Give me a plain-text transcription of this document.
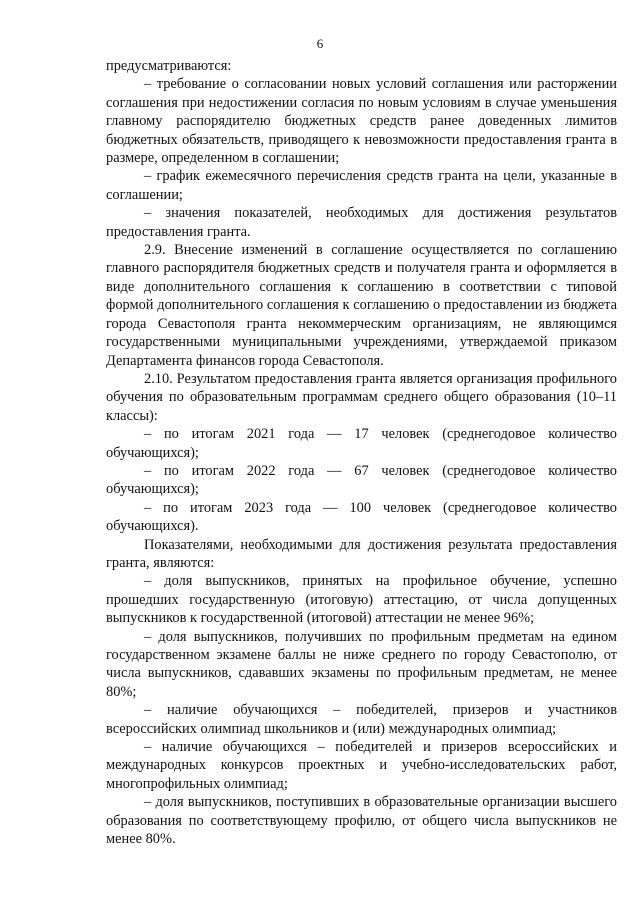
6

предусматриваются:

– требование о согласовании новых условий соглашения или расторжении соглашения при недостижении согласия по новым условиям в случае уменьшения главному распорядителю бюджетных средств ранее доведенных лимитов бюджетных обязательств, приводящего к невозможности предоставления гранта в размере, определенном в соглашении;

– график ежемесячного перечисления средств гранта на цели, указанные в соглашении;

– значения показателей, необходимых для достижения результатов предоставления гранта.

2.9. Внесение изменений в соглашение осуществляется по соглашению главного распорядителя бюджетных средств и получателя гранта и оформляется в виде дополнительного соглашения к соглашению в соответствии с типовой формой дополнительного соглашения к соглашению о предоставлении из бюджета города Севастополя гранта некоммерческим организациям, не являющимся государственными муниципальными учреждениями, утверждаемой приказом Департамента финансов города Севастополя.

2.10. Результатом предоставления гранта является организация профильного обучения по образовательным программам среднего общего образования (10–11 классы):

– по итогам 2021 года — 17 человек (среднегодовое количество обучающихся);

– по итогам 2022 года — 67 человек (среднегодовое количество обучающихся);

– по итогам 2023 года — 100 человек (среднегодовое количество обучающихся).

Показателями, необходимыми для достижения результата предоставления гранта, являются:

– доля выпускников, принятых на профильное обучение, успешно прошедших государственную (итоговую) аттестацию, от числа допущенных выпускников к государственной (итоговой) аттестации не менее 96%;

– доля выпускников, получивших по профильным предметам на едином государственном экзамене баллы не ниже среднего по городу Севастополю, от числа выпускников, сдававших экзамены по профильным предметам, не менее 80%;

– наличие обучающихся – победителей, призеров и участников всероссийских олимпиад школьников и (или) международных олимпиад;

– наличие обучающихся – победителей и призеров всероссийских и международных конкурсов проектных и учебно-исследовательских работ, многопрофильных олимпиад;

– доля выпускников, поступивших в образовательные организации высшего образования по соответствующему профилю, от общего числа выпускников не менее 80%.
